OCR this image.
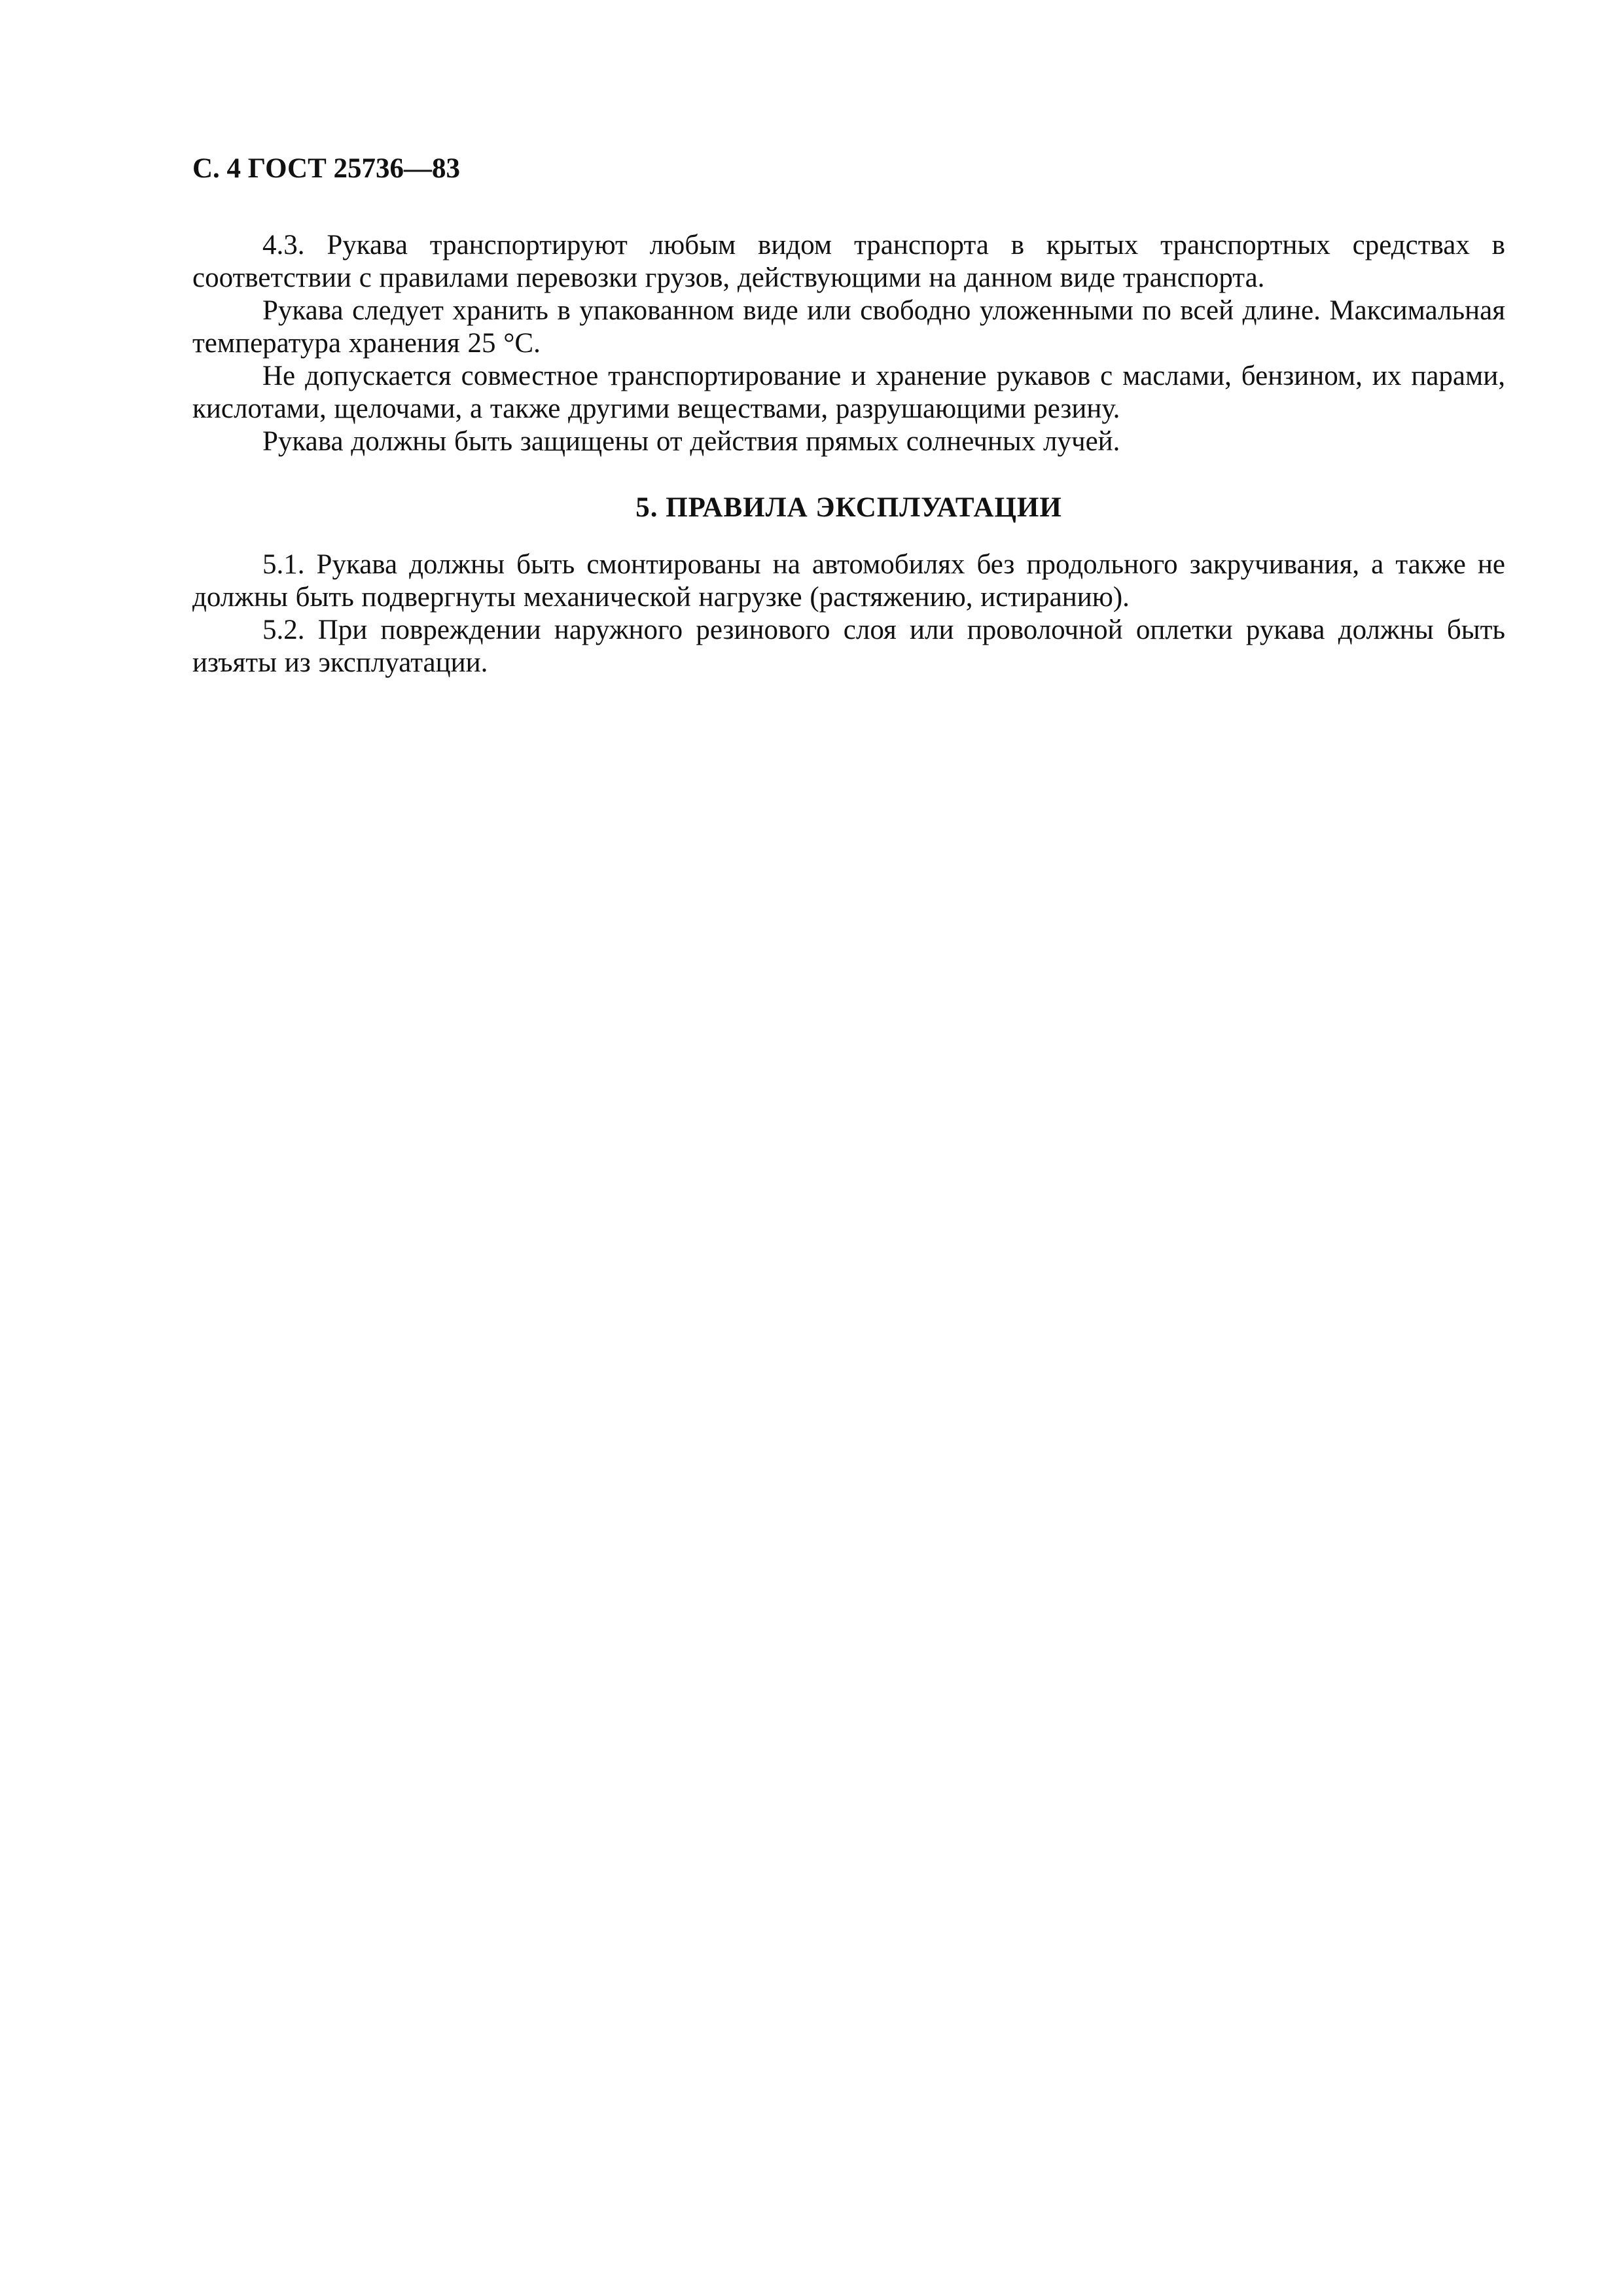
С. 4 ГОСТ 25736—83

4.3. Рукава транспортируют любым видом транспорта в крытых транспортных средствах в соответствии с правилами перевозки грузов, действующими на данном виде транспорта.

Рукава следует хранить в упакованном виде или свободно уложенными по всей длине. Максимальная температура хранения 25 °С.

Не допускается совместное транспортирование и хранение рукавов с маслами, бензином, их парами, кислотами, щелочами, а также другими веществами, разрушающими резину.

Рукава должны быть защищены от действия прямых солнечных лучей.

5. ПРАВИЛА ЭКСПЛУАТАЦИИ

5.1. Рукава должны быть смонтированы на автомобилях без продольного закручивания, а также не должны быть подвергнуты механической нагрузке (растяжению, истиранию).

5.2. При повреждении наружного резинового слоя или проволочной оплетки рукава должны быть изъяты из эксплуатации.
